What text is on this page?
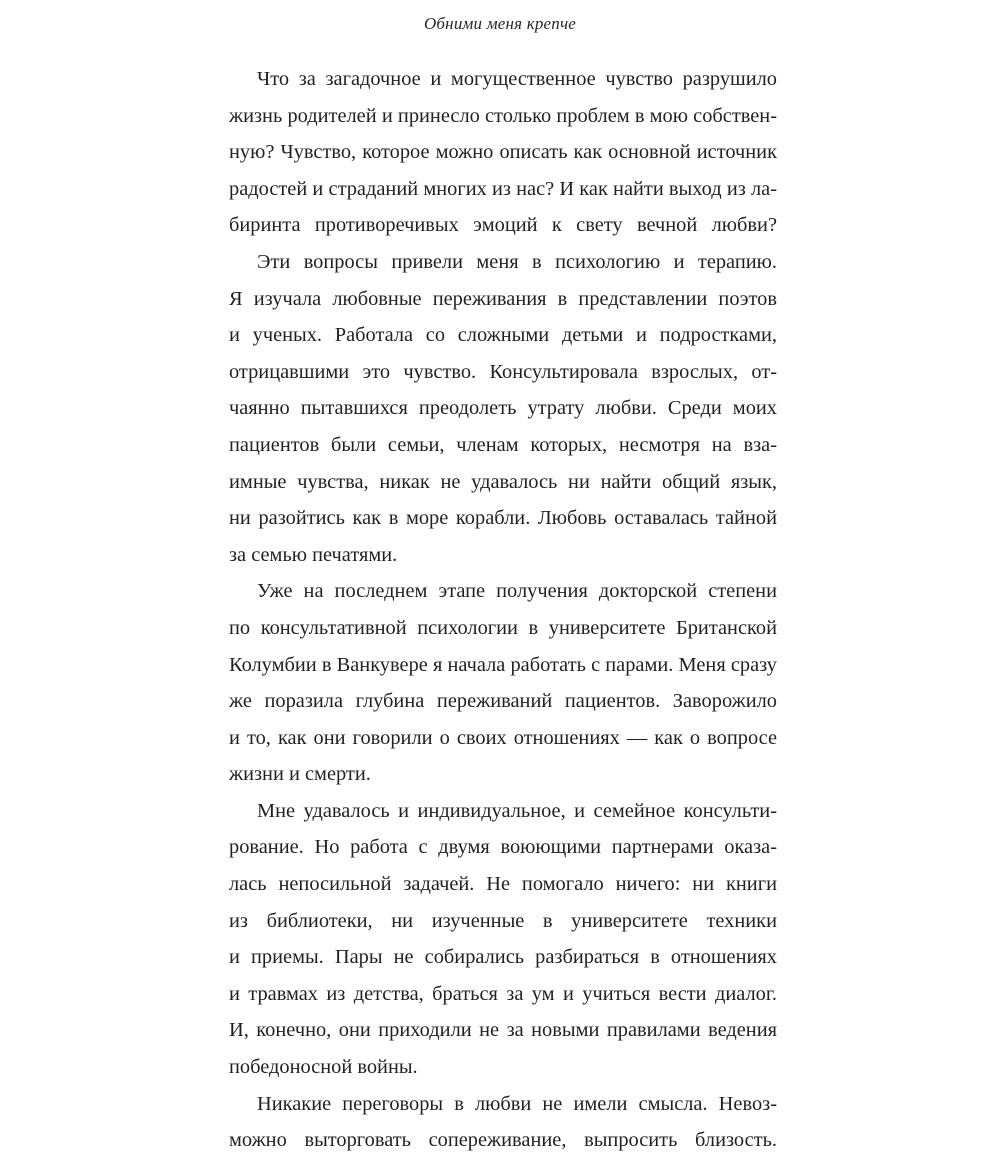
Обними меня крепче
Что за загадочное и могущественное чувство разрушило
жизнь родителей и принесло столько проблем в мою собствен-
ную? Чувство, которое можно описать как основной источник
радостей и страданий многих из нас? И как найти выход из ла-
биринта противоречивых эмоций к свету вечной любви?
Эти вопросы привели меня в психологию и терапию.
Я изучала любовные переживания в представлении поэтов
и ученых. Работала со сложными детьми и подростками,
отрицавшими это чувство. Консультировала взрослых, от-
чаянно пытавшихся преодолеть утрату любви. Среди моих
пациентов были семьи, членам которых, несмотря на вза-
имные чувства, никак не удавалось ни найти общий язык,
ни разойтись как в море корабли. Любовь оставалась тайной
за семью печатями.
Уже на последнем этапе получения докторской степени
по консультативной психологии в университете Британской
Колумбии в Ванкувере я начала работать с парами. Меня сразу
же поразила глубина переживаний пациентов. Заворожило
и то, как они говорили о своих отношениях — как о вопросе
жизни и смерти.
Мне удавалось и индивидуальное, и семейное консульти-
рование. Но работа с двумя воюющими партнерами оказа-
лась непосильной задачей. Не помогало ничего: ни книги
из библиотеки, ни изученные в университете техники
и приемы. Пары не собирались разбираться в отношениях
и травмах из детства, браться за ум и учиться вести диалог.
И, конечно, они приходили не за новыми правилами ведения
победоносной войны.
Никакие переговоры в любви не имели смысла. Невоз-
можно выторговать сопереживание, выпросить близость.
